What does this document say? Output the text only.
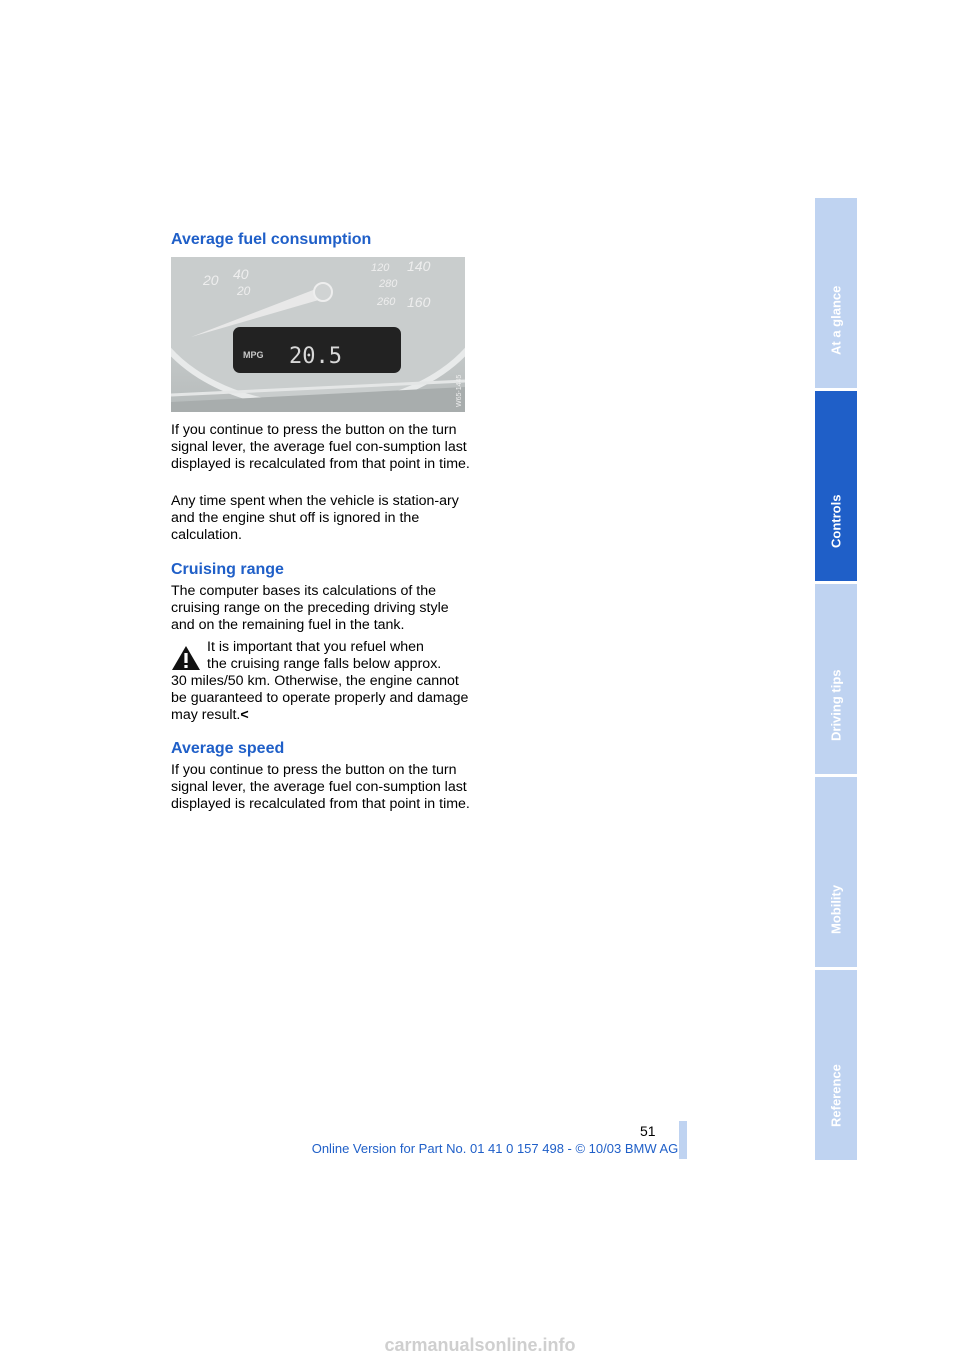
Average fuel consumption
20 40
20
140
120
280
260 160
MPG 20.5
W65-1445

If you continue to press the button on the turn signal lever, the average fuel con-sumption last displayed is recalculated from that point in time.

Any time spent when the vehicle is station-ary and the engine shut off is ignored in the calculation.

Cruising range

The computer bases its calculations of the cruising range on the preceding driving style and on the remaining fuel in the tank.

It is important that you refuel when
the cruising range falls below approx.
30 miles/50 km. Otherwise, the engine cannot be guaranteed to operate properly and damage may result.<

Average speed

If you continue to press the button on the turn signal lever, the average fuel con-sumption last displayed is recalculated from that point in time.

At a glance
Controls
Driving tips
Mobility
Reference
51
Online Version for Part No. 01 41 0 157 498 - © 10/03 BMW AG
carmanualsonline.info
